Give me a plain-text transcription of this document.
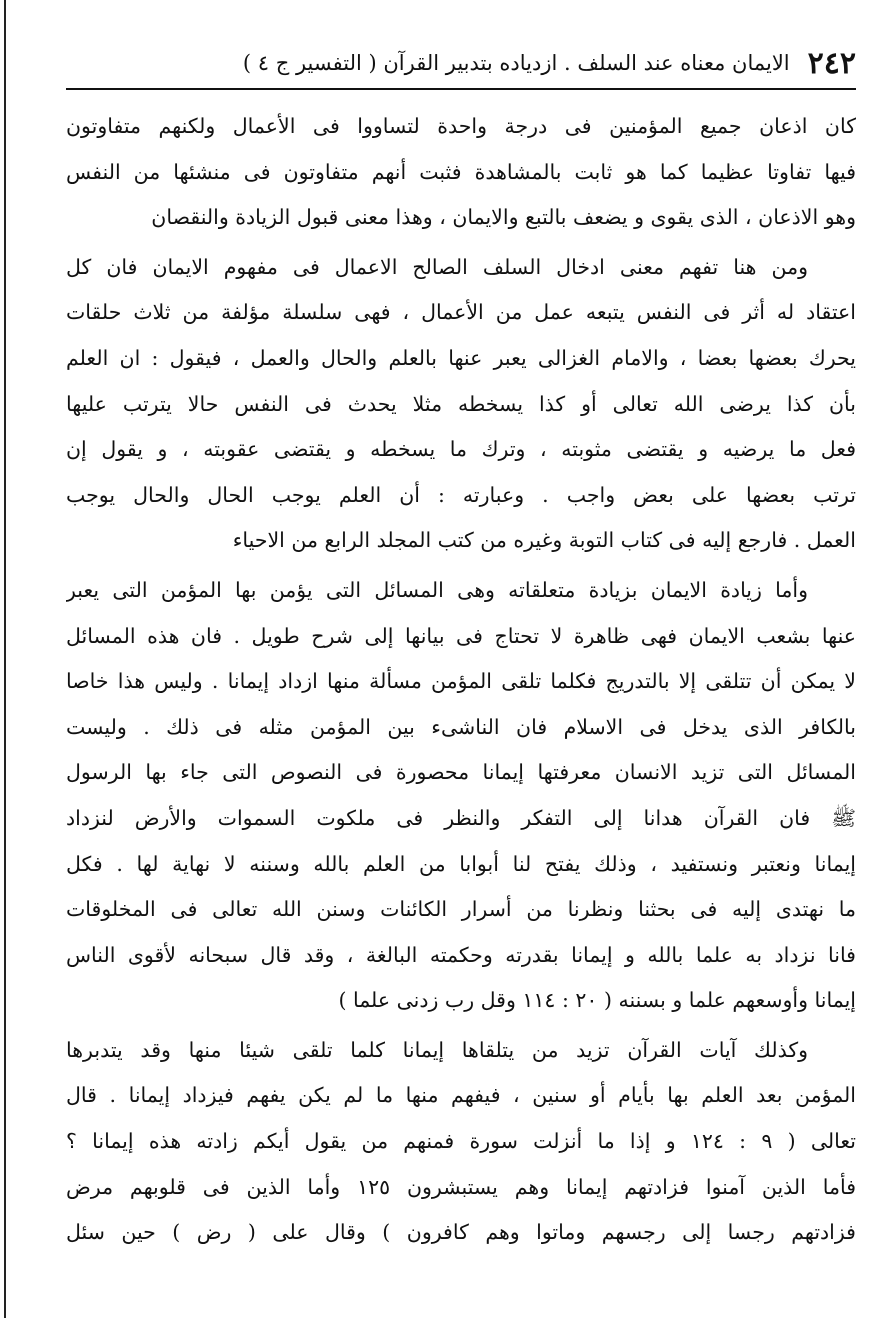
٢٤٢
الايمان معناه عند السلف . ازدياده بتدبير القرآن ( التفسير ج ٤ )
كان اذعان جميع المؤمنين فى درجة واحدة لتساووا فى الأعمال ولكنهم متفاوتون
فيها تفاوتا عظيما كما هو ثابت بالمشاهدة فثبت أنهم متفاوتون فى منشئها من النفس
وهو الاذعان ، الذى يقوى و يضعف بالتبع والايمان ، وهذا معنى قبول الزيادة والنقصان
ومن هنا تفهم معنى ادخال السلف الصالح الاعمال فى مفهوم الايمان فان كل
اعتقاد له أثر فى النفس يتبعه عمل من الأعمال ، فهى سلسلة مؤلفة من ثلاث حلقات
يحرك بعضها بعضا ، والامام الغزالى يعبر عنها بالعلم والحال والعمل ، فيقول : ان العلم
بأن كذا يرضى الله تعالى أو كذا يسخطه مثلا يحدث فى النفس حالا يترتب عليها
فعل ما يرضيه و يقتضى مثوبته ، وترك ما يسخطه و يقتضى عقوبته ، و يقول إن
ترتب بعضها على بعض واجب . وعبارته : أن العلم يوجب الحال والحال يوجب
العمل . فارجع إليه فى كتاب التوبة وغيره من كتب المجلد الرابع من الاحياء
وأما زيادة الايمان بزيادة متعلقاته وهى المسائل التى يؤمن بها المؤمن التى يعبر
عنها بشعب الايمان فهى ظاهرة لا تحتاج فى بيانها إلى شرح طويل . فان هذه المسائل
لا يمكن أن تتلقى إلا بالتدريج فكلما تلقى المؤمن مسألة منها ازداد إيمانا . وليس هذا خاصا
بالكافر الذى يدخل فى الاسلام فان الناشىء بين المؤمن مثله فى ذلك . وليست
المسائل التى تزيد الانسان معرفتها إيمانا محصورة فى النصوص التى جاء بها الرسول
ﷺ فان القرآن هدانا إلى التفكر والنظر فى ملكوت السموات والأرض لنزداد
إيمانا ونعتبر ونستفيد ، وذلك يفتح لنا أبوابا من العلم بالله وسننه لا نهاية لها . فكل
ما نهتدى إليه فى بحثنا ونظرنا من أسرار الكائنات وسنن الله تعالى فى المخلوقات
فانا نزداد به علما بالله و إيمانا بقدرته وحكمته البالغة ، وقد قال سبحانه لأقوى الناس
إيمانا وأوسعهم علما و بسننه ( ٢٠ : ١١٤ وقل رب زدنى علما )
وكذلك آيات القرآن تزيد من يتلقاها إيمانا كلما تلقى شيئا منها وقد يتدبرها
المؤمن بعد العلم بها بأيام أو سنين ، فيفهم منها ما لم يكن يفهم فيزداد إيمانا . قال
تعالى ( ٩ : ١٢٤ و إذا ما أنزلت سورة فمنهم من يقول أيكم زادته هذه إيمانا ؟
فأما الذين آمنوا فزادتهم إيمانا وهم يستبشرون ١٢٥ وأما الذين فى قلوبهم مرض
فزادتهم رجسا إلى رجسهم وماتوا وهم كافرون ) وقال على ( رض ) حين سئل
